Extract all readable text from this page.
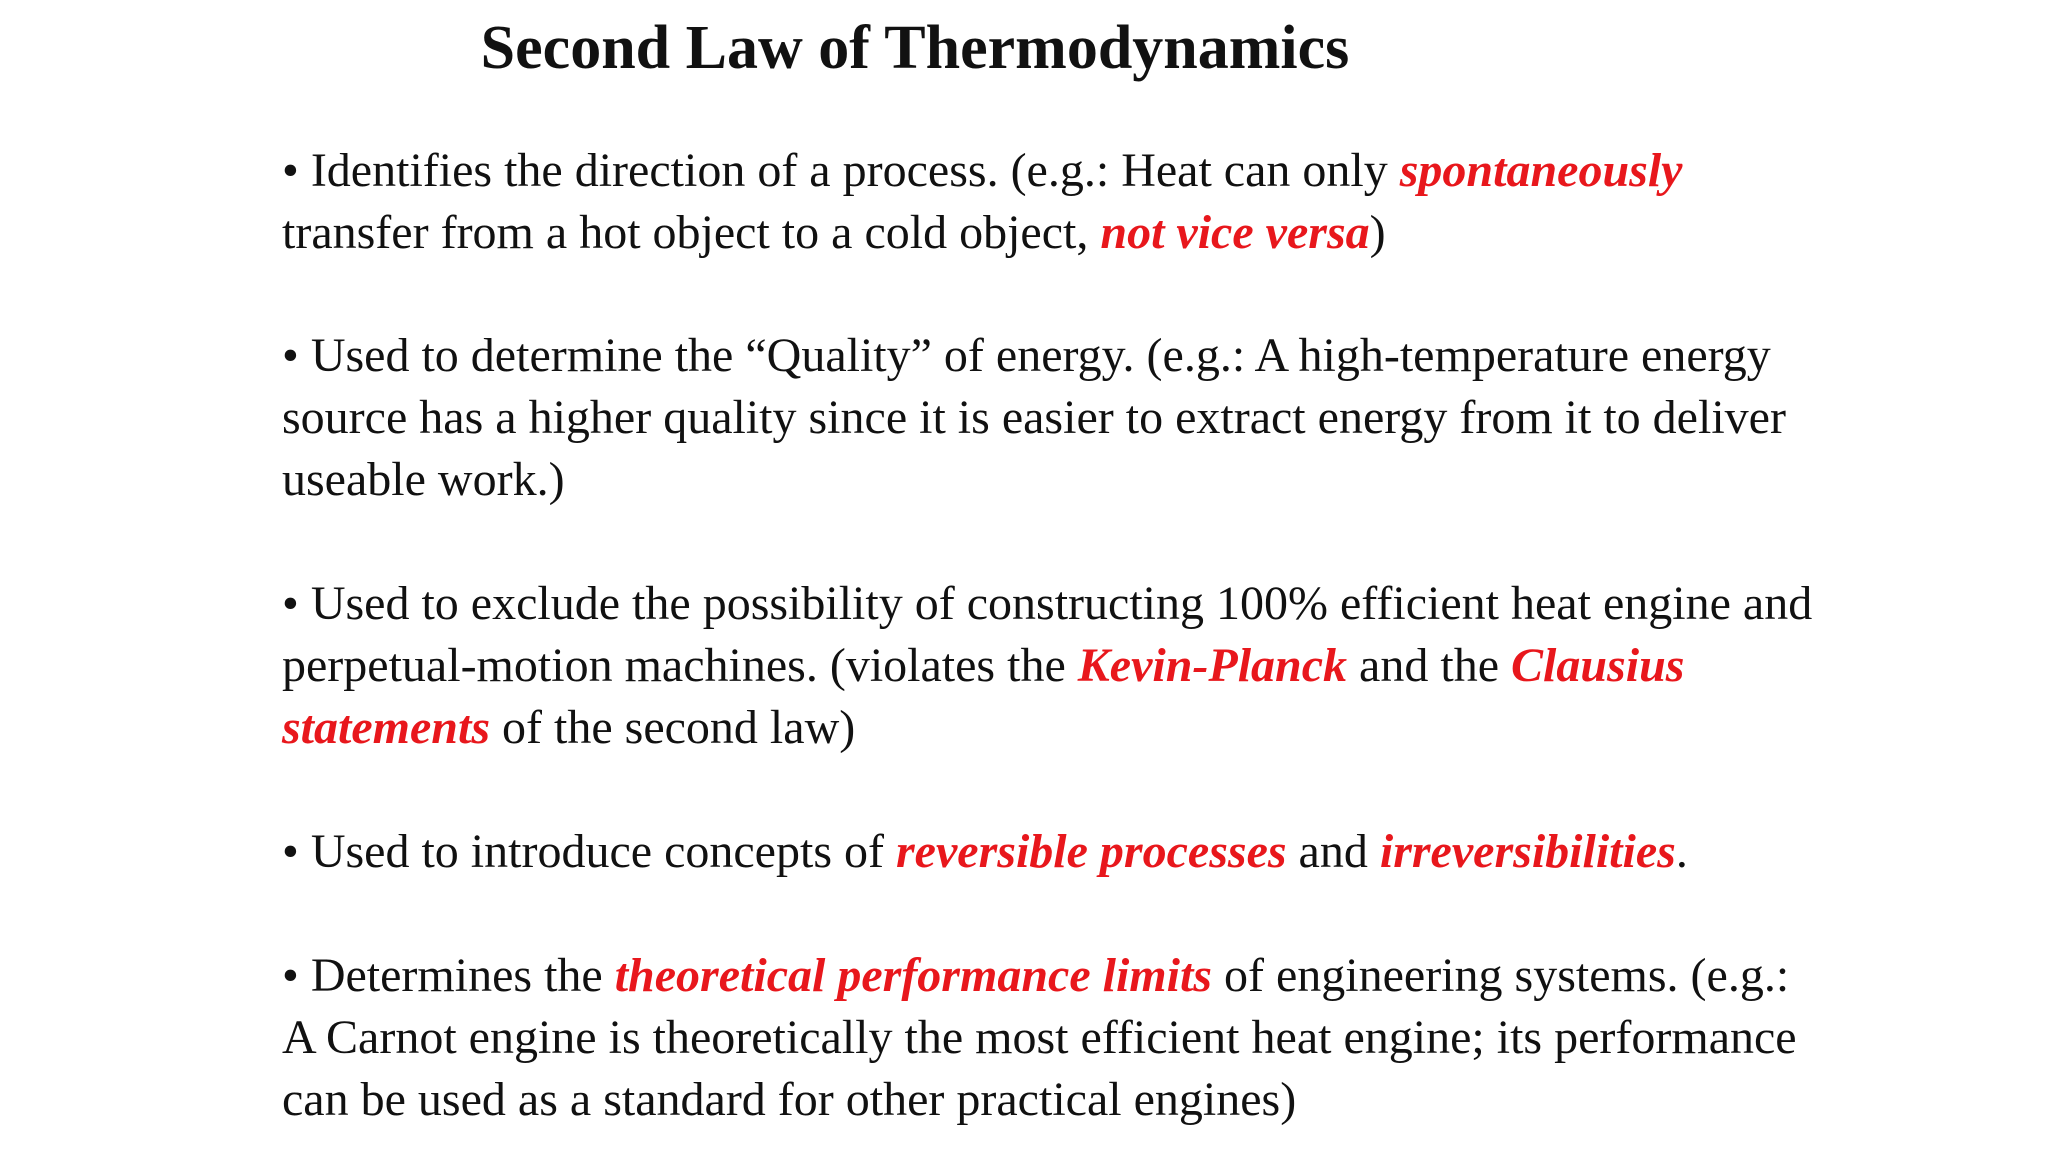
Second Law of Thermodynamics
• Identifies the direction of a process. (e.g.: Heat can only spontaneously transfer from a hot object to a cold object, not vice versa)
• Used to determine the “Quality” of energy. (e.g.: A high-temperature energy source has a higher quality since it is easier to extract energy from it to deliver useable work.)
• Used to exclude the possibility of constructing 100% efficient heat engine and perpetual-motion machines. (violates the Kevin-Planck and the Clausius statements of the second law)
• Used to introduce concepts of reversible processes and irreversibilities.
• Determines the theoretical performance limits of engineering systems. (e.g.: A Carnot engine is theoretically the most efficient heat engine; its performance can be used as a standard for other practical engines)
